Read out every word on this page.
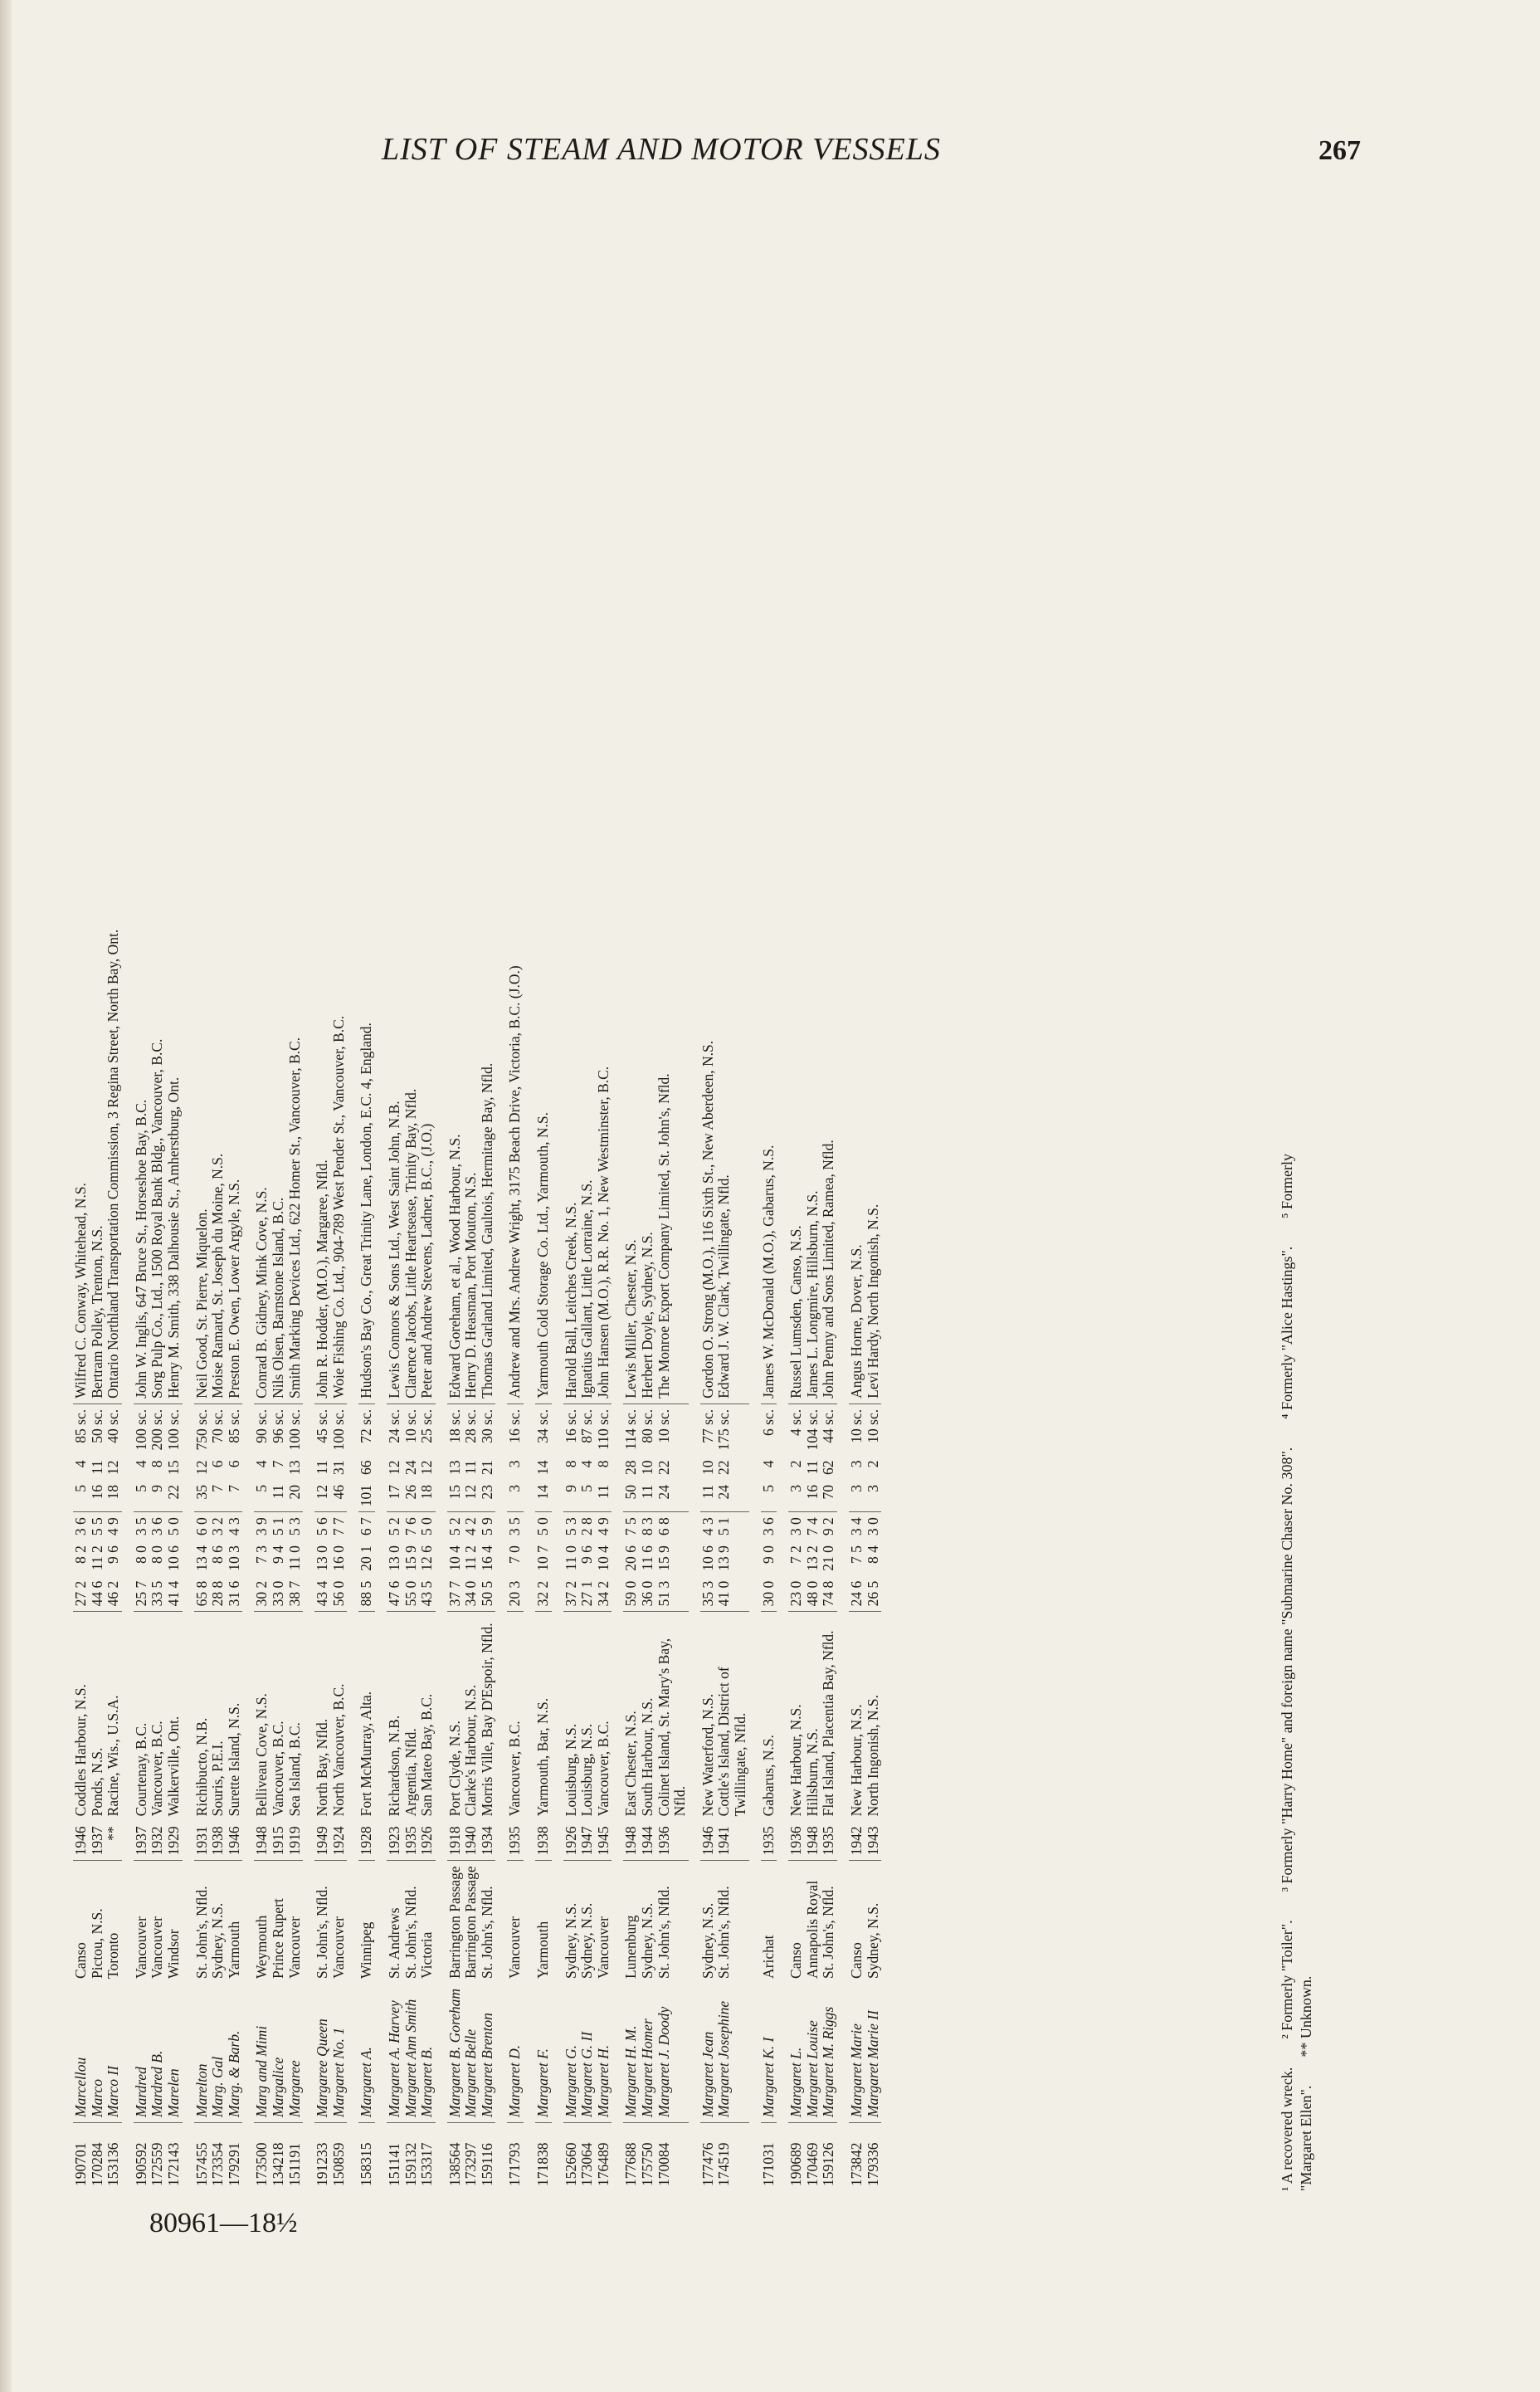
LIST OF STEAM AND MOTOR VESSELS	267
190701	Marcellou	Canso	1946	Coddles Harbour, N.S.	27 2	8 2	3 6	5	4	85 sc.	Wilfred C. Conway, Whitehead, N.S.
170284	Marco	Pictou, N.S.	1937	Ponds, N.S.	44 6	11 2	5 5	16	11	50 sc.	Bertram Polley, Trenton, N.S.
153136	Marco II	Toronto	**	Racine, Wis., U.S.A.	46 2	9 6	4 9	18	12	40 sc.	Ontario Northland Transportation Commission, 3 Regina Street, North Bay, Ont.

190592	Mardred	Vancouver	1937	Courtenay, B.C.	25 7	8 0	3 5	5	4	100 sc.	John W. Inglis, 647 Bruce St., Horseshoe Bay, B.C.
172559	Mardred B.	Vancouver	1932	Vancouver, B.C.	33 5	8 0	3 6	9	8	200 sc.	Sorg Pulp Co., Ltd., 1500 Royal Bank Bldg., Vancouver, B.C.
172143	Marelen	Windsor	1929	Walkerville, Ont.	41 4	10 6	5 0	22	15	100 sc.	Henry M. Smith, 338 Dalhousie St., Amherstburg, Ont.

157455	Marelton	St. John's, Nfld.	1931	Richibucto, N.B.	65 8	13 4	6 0	35	12	750 sc.	Neil Good, St. Pierre, Miquelon.
173354	Marg. Gal	Sydney, N.S.	1938	Souris, P.E.I.	28 8	8 6	3 2	7	6	70 sc.	Moise Ramard, St. Joseph du Moine, N.S.
179291	Marg. & Barb.	Yarmouth	1946	Surette Island, N.S.	31 6	10 3	4 3	7	6	85 sc.	Preston E. Owen, Lower Argyle, N.S.

173500	Marg and Mimi	Weymouth	1948	Belliveau Cove, N.S.	30 2	7 3	3 9	5	4	90 sc.	Conrad B. Gidney, Mink Cove, N.S.
134218	Margalice	Prince Rupert	1915	Vancouver, B.C.	33 0	9 4	5 1	11	7	96 sc.	Nils Olsen, Barnstone Island, B.C.
151191	Margaree	Vancouver	1919	Sea Island, B.C.	38 7	11 0	5 3	20	13	100 sc.	Smith Marking Devices Ltd., 622 Homer St., Vancouver, B.C.

191233	Margaree Queen	St. John's, Nfld.	1949	North Bay, Nfld.	43 4	13 0	5 6	12	11	45 sc.	John R. Hodder, (M.O.), Margaree, Nfld.
150859	Margaret No. 1	Vancouver	1924	North Vancouver, B.C.	56 0	16 0	7 7	46	31	100 sc.	Woie Fishing Co. Ltd., 904-789 West Pender St., Vancouver, B.C.

158315	Margaret A.	Winnipeg	1928	Fort McMurray, Alta.	88 5	20 1	6 7	101	66	72 sc.	Hudson's Bay Co., Great Trinity Lane, London, E.C. 4, England.

151141	Margaret A. Harvey	St. Andrews	1923	Richardson, N.B.	47 6	13 0	5 2	17	12	24 sc.	Lewis Connors & Sons Ltd., West Saint John, N.B.
159132	Margaret Ann Smith	St. John's, Nfld.	1935	Argentia, Nfld.	55 0	15 9	7 6	26	24	10 sc.	Clarence Jacobs, Little Heartsease, Trinity Bay, Nfld.
153317	Margaret B.	Victoria	1926	San Mateo Bay, B.C.	43 5	12 6	5 0	18	12	25 sc.	Peter and Andrew Stevens, Ladner, B.C., (J.O.)

138564	Margaret B. Goreham	Barrington Passage	1918	Port Clyde, N.S.	37 7	10 4	5 2	15	13	18 sc.	Edward Goreham, et al., Wood Harbour, N.S.
173297	Margaret Belle	Barrington Passage	1940	Clarke's Harbour, N.S.	34 0	11 2	4 2	12	11	28 sc.	Henry D. Heasman, Port Mouton, N.S.
159116	Margaret Brenton	St. John's, Nfld.	1934	Morris Ville, Bay D'Espoir, Nfld.	50 5	16 4	5 9	23	21	30 sc.	Thomas Garland Limited, Gaultois, Hermitage Bay, Nfld.

171793	Margaret D.	Vancouver	1935	Vancouver, B.C.	20 3	7 0	3 5	3	3	16 sc.	Andrew and Mrs. Andrew Wright, 3175 Beach Drive, Victoria, B.C. (J.O.)

171838	Margaret F.	Yarmouth	1938	Yarmouth, Bar, N.S.	32 2	10 7	5 0	14	14	34 sc.	Yarmouth Cold Storage Co. Ltd., Yarmouth, N.S.

152660	Margaret G.	Sydney, N.S.	1926	Louisburg, N.S.	37 2	11 0	5 3	9	8	16 sc.	Harold Ball, Leitches Creek, N.S.
173064	Margaret G. II	Sydney, N.S.	1947	Louisburg, N.S.	27 1	9 6	2 8	5	4	87 sc.	Ignatius Gallant, Little Lorraine, N.S.
176489	Margaret H.	Vancouver	1945	Vancouver, B.C.	34 2	10 4	4 9	11	8	110 sc.	John Hansen (M.O.), R.R. No. 1, New Westminster, B.C.

177688	Margaret H. M.	Lunenburg	1948	East Chester, N.S.	59 0	20 6	7 5	50	28	114 sc.	Lewis Miller, Chester, N.S.
175750	Margaret Homer	Sydney, N.S.	1944	South Harbour, N.S.	36 0	11 6	8 3	11	10	80 sc.	Herbert Doyle, Sydney, N.S.
170084	Margaret J. Doody	St. John's, Nfld.	1936	Colinet Island, St. Mary's Bay, Nfld.	51 3	15 9	6 8	24	22	10 sc.	The Monroe Export Company Limited, St. John's, Nfld.

177476	Margaret Jean	Sydney, N.S.	1946	New Waterford, N.S.	35 3	10 6	4 3	11	10	77 sc.	Gordon O. Strong (M.O.), 116 Sixth St., New Aberdeen, N.S.
174519	Margaret Josephine	St. John's, Nfld.	1941	Cottle's Island, District of Twillingate, Nfld.	41 0	13 9	5 1	24	22	175 sc.	Edward J. W. Clark, Twillingate, Nfld.

171031	Margaret K. I	Arichat	1935	Gabarus, N.S.	30 0	9 0	3 6	5	4	6 sc.	James W. McDonald (M.O.), Gabarus, N.S.

190689	Margaret L.	Canso	1936	New Harbour, N.S.	23 0	7 2	3 0	3	2	4 sc.	Russel Lumsden, Canso, N.S.
170469	Margaret Louise	Annapolis Royal	1948	Hillsburn, N.S.	48 0	13 2	7 4	16	11	104 sc.	James L. Longmire, Hillsburn, N.S.
159126	Margaret M. Riggs	St. John's, Nfld.	1935	Flat Island, Placentia Bay, Nfld.	74 8	21 0	9 2	70	62	44 sc.	John Penny and Sons Limited, Ramea, Nfld.

173842	Margaret Marie	Canso	1942	New Harbour, N.S.	24 6	7 5	3 4	3	3	10 sc.	Angus Horne, Dover, N.S.
179336	Margaret Marie II	Sydney, N.S.	1943	North Ingonish, N.S.	26 5	8 4	3 0	3	2	10 sc.	Levi Hardy, North Ingonish, N.S.
¹ A recovered wreck.
² Formerly "Toiler".
³ Formerly "Harry Home" and foreign name "Submarine Chaser No. 308".
⁴ Formerly "Alice Hastings".
⁵ Formerly
"Margaret Ellen".
** Unknown.
80961—18½
